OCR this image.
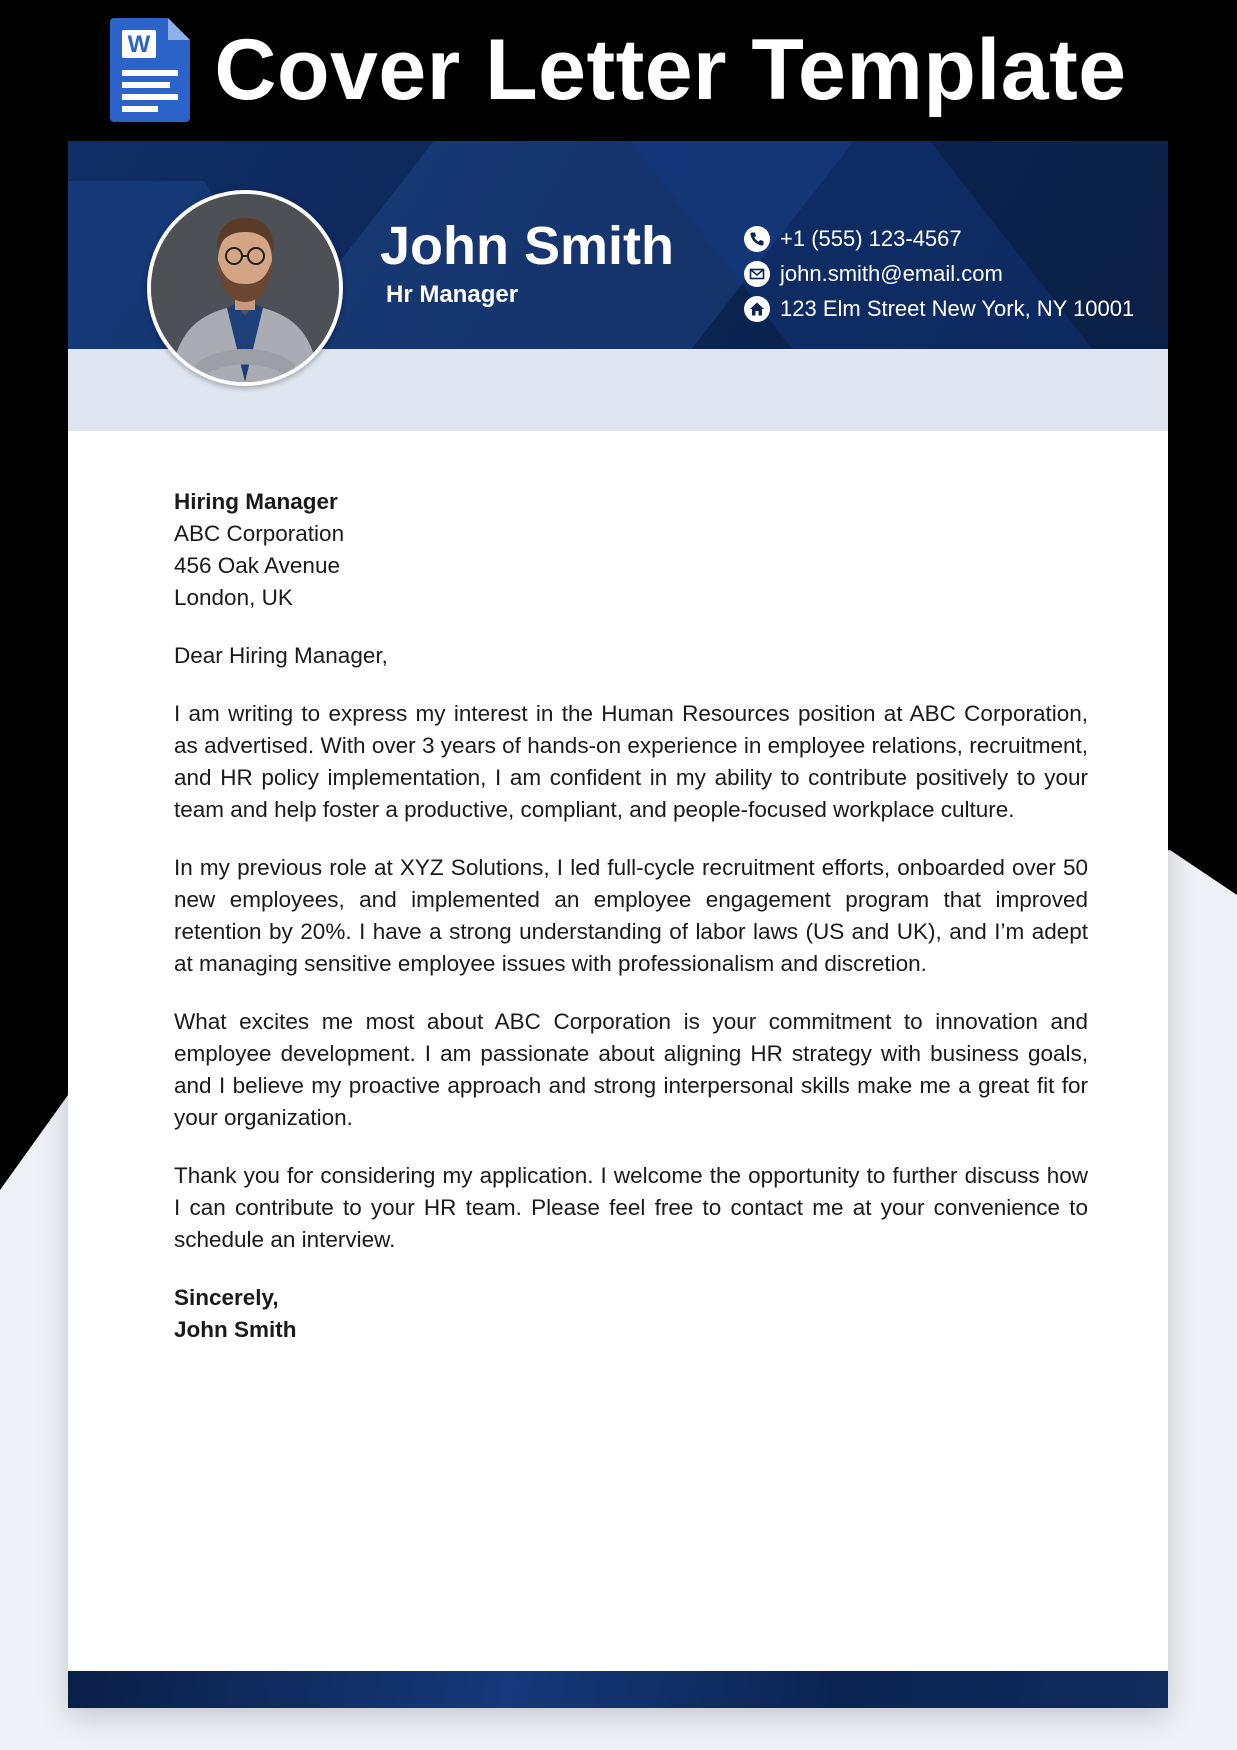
W Cover Letter Template
John Smith
Hr Manager
+1 (555) 123-4567
john.smith@email.com
123 Elm Street New York, NY 10001
Hiring Manager
ABC Corporation
456 Oak Avenue
London, UK
Dear Hiring Manager,
I am writing to express my interest in the Human Resources position at ABC Corporation, as advertised. With over 3 years of hands-on experience in employee relations, recruitment, and HR policy implementation, I am confident in my ability to contribute positively to your team and help foster a productive, compliant, and people-focused workplace culture.
In my previous role at XYZ Solutions, I led full-cycle recruitment efforts, onboarded over 50 new employees, and implemented an employee engagement program that improved retention by 20%. I have a strong understanding of labor laws (US and UK), and I’m adept at managing sensitive employee issues with professionalism and discretion.
What excites me most about ABC Corporation is your commitment to innovation and employee development. I am passionate about aligning HR strategy with business goals, and I believe my proactive approach and strong interpersonal skills make me a great fit for your organization.
Thank you for considering my application. I welcome the opportunity to further discuss how I can contribute to your HR team. Please feel free to contact me at your convenience to schedule an interview.
Sincerely,
John Smith
